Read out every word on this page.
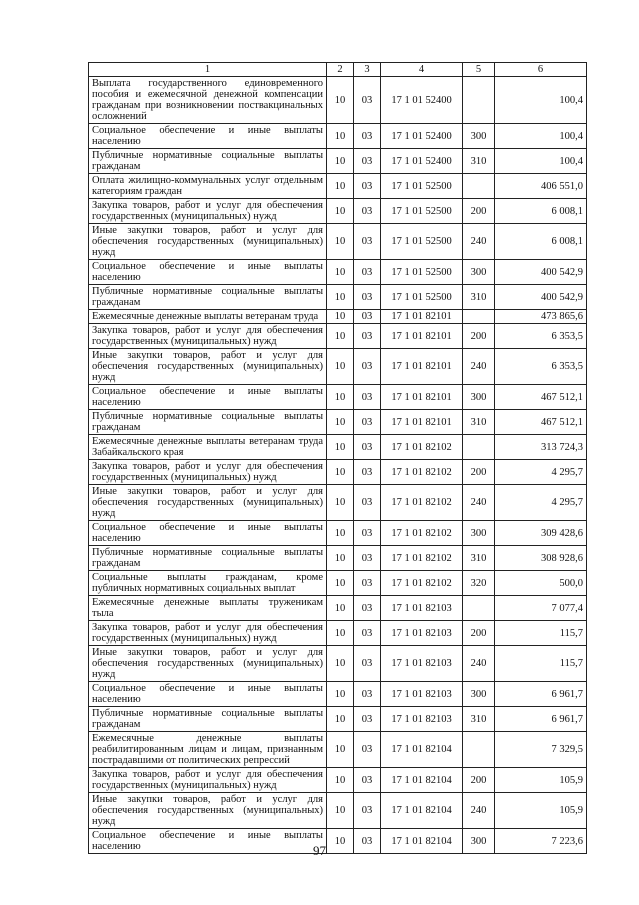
1	2	3	4	5	6
Выплата государственного единовременного пособия и ежемесячной денежной компенсации гражданам при возникновении поствакцинальных осложнений	10	03	17 1 01 52400		100,4
Социальное обеспечение и иные выплаты населению	10	03	17 1 01 52400	300	100,4
Публичные нормативные социальные выплаты гражданам	10	03	17 1 01 52400	310	100,4
Оплата жилищно-коммунальных услуг отдельным категориям граждан	10	03	17 1 01 52500		406 551,0
Закупка товаров, работ и услуг для обеспечения государственных (муниципальных) нужд	10	03	17 1 01 52500	200	6 008,1
Иные закупки товаров, работ и услуг для обеспечения государственных (муниципальных) нужд	10	03	17 1 01 52500	240	6 008,1
Социальное обеспечение и иные выплаты населению	10	03	17 1 01 52500	300	400 542,9
Публичные нормативные социальные выплаты гражданам	10	03	17 1 01 52500	310	400 542,9
Ежемесячные денежные выплаты ветеранам труда	10	03	17 1 01 82101		473 865,6
Закупка товаров, работ и услуг для обеспечения государственных (муниципальных) нужд	10	03	17 1 01 82101	200	6 353,5
Иные закупки товаров, работ и услуг для обеспечения государственных (муниципальных) нужд	10	03	17 1 01 82101	240	6 353,5
Социальное обеспечение и иные выплаты населению	10	03	17 1 01 82101	300	467 512,1
Публичные нормативные социальные выплаты гражданам	10	03	17 1 01 82101	310	467 512,1
Ежемесячные денежные выплаты ветеранам труда Забайкальского края	10	03	17 1 01 82102		313 724,3
Закупка товаров, работ и услуг для обеспечения государственных (муниципальных) нужд	10	03	17 1 01 82102	200	4 295,7
Иные закупки товаров, работ и услуг для обеспечения государственных (муниципальных) нужд	10	03	17 1 01 82102	240	4 295,7
Социальное обеспечение и иные выплаты населению	10	03	17 1 01 82102	300	309 428,6
Публичные нормативные социальные выплаты гражданам	10	03	17 1 01 82102	310	308 928,6
Социальные выплаты гражданам, кроме публичных нормативных социальных выплат	10	03	17 1 01 82102	320	500,0
Ежемесячные денежные выплаты труженикам тыла	10	03	17 1 01 82103		7 077,4
Закупка товаров, работ и услуг для обеспечения государственных (муниципальных) нужд	10	03	17 1 01 82103	200	115,7
Иные закупки товаров, работ и услуг для обеспечения государственных (муниципальных) нужд	10	03	17 1 01 82103	240	115,7
Социальное обеспечение и иные выплаты населению	10	03	17 1 01 82103	300	6 961,7
Публичные нормативные социальные выплаты гражданам	10	03	17 1 01 82103	310	6 961,7
Ежемесячные денежные выплаты реабилитированным лицам и лицам, признанным пострадавшими от политических репрессий	10	03	17 1 01 82104		7 329,5
Закупка товаров, работ и услуг для обеспечения государственных (муниципальных) нужд	10	03	17 1 01 82104	200	105,9
Иные закупки товаров, работ и услуг для обеспечения государственных (муниципальных) нужд	10	03	17 1 01 82104	240	105,9
Социальное обеспечение и иные выплаты населению	10	03	17 1 01 82104	300	7 223,6
97
